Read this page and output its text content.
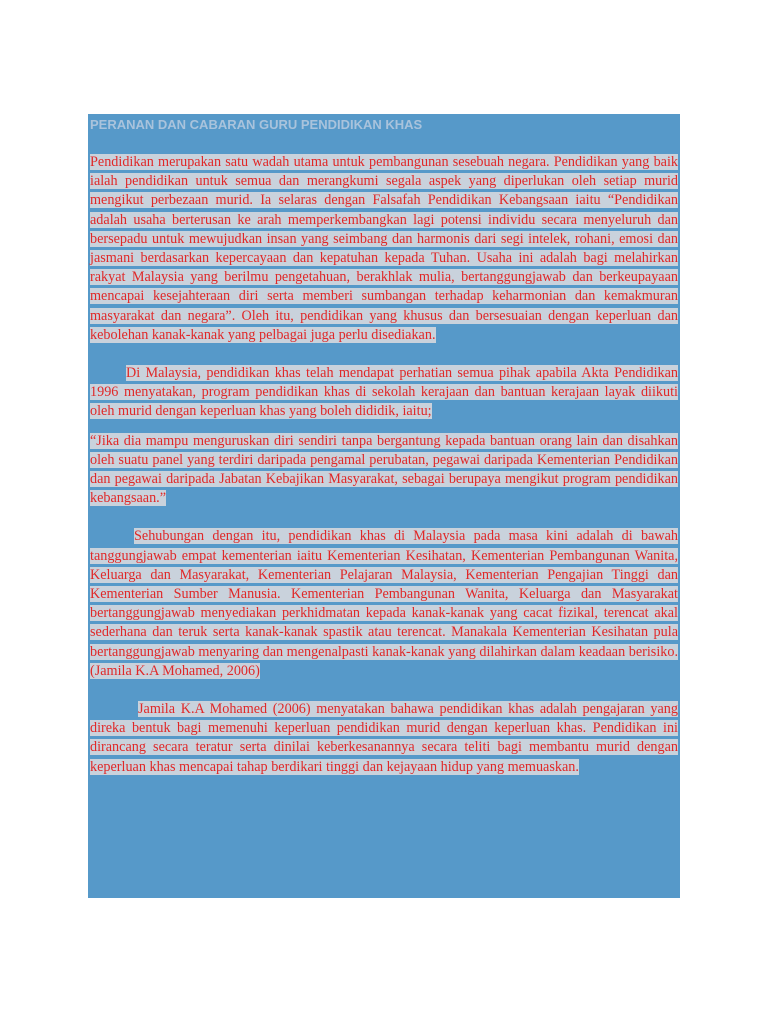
PERANAN DAN CABARAN GURU PENDIDIKAN KHAS

Pendidikan merupakan satu wadah utama untuk pembangunan sesebuah negara. Pendidikan yang baik ialah pendidikan untuk semua dan merangkumi segala aspek yang diperlukan oleh setiap murid mengikut perbezaan murid. Ia selaras dengan Falsafah Pendidikan Kebangsaan iaitu “Pendidikan adalah usaha berterusan ke arah memperkembangkan lagi potensi individu secara menyeluruh dan bersepadu untuk mewujudkan insan yang seimbang dan harmonis dari segi intelek, rohani, emosi dan jasmani berdasarkan kepercayaan dan kepatuhan kepada Tuhan. Usaha ini adalah bagi melahirkan rakyat Malaysia yang berilmu pengetahuan, berakhlak mulia, bertanggungjawab dan berkeupayaan mencapai kesejahteraan diri serta memberi sumbangan terhadap keharmonian dan kemakmuran masyarakat dan negara”. Oleh itu, pendidikan yang khusus dan bersesuaian dengan keperluan dan kebolehan kanak-kanak yang pelbagai juga perlu disediakan.

Di Malaysia, pendidikan khas telah mendapat perhatian semua pihak apabila Akta Pendidikan 1996 menyatakan, program pendidikan khas di sekolah kerajaan dan bantuan kerajaan layak diikuti oleh murid dengan keperluan khas yang boleh dididik, iaitu;

“Jika dia mampu menguruskan diri sendiri tanpa bergantung kepada bantuan orang lain dan disahkan oleh suatu panel yang terdiri daripada pengamal perubatan, pegawai daripada Kementerian Pendidikan dan pegawai daripada Jabatan Kebajikan Masyarakat, sebagai berupaya mengikut program pendidikan kebangsaan.”

Sehubungan dengan itu, pendidikan khas di Malaysia pada masa kini adalah di bawah tanggungjawab empat kementerian iaitu Kementerian Kesihatan, Kementerian Pembangunan Wanita, Keluarga dan Masyarakat, Kementerian Pelajaran Malaysia, Kementerian Pengajian Tinggi dan Kementerian Sumber Manusia. Kementerian Pembangunan Wanita, Keluarga dan Masyarakat bertanggungjawab menyediakan perkhidmatan kepada kanak-kanak yang cacat fizikal, terencat akal sederhana dan teruk serta kanak-kanak spastik atau terencat. Manakala Kementerian Kesihatan pula bertanggungjawab menyaring dan mengenalpasti kanak-kanak yang dilahirkan dalam keadaan berisiko. (Jamila K.A Mohamed, 2006)

Jamila K.A Mohamed (2006) menyatakan bahawa pendidikan khas adalah pengajaran yang direka bentuk bagi memenuhi keperluan pendidikan murid dengan keperluan khas. Pendidikan ini dirancang secara teratur serta dinilai keberkesanannya secara teliti bagi membantu murid dengan keperluan khas mencapai tahap berdikari tinggi dan kejayaan hidup yang memuaskan.
